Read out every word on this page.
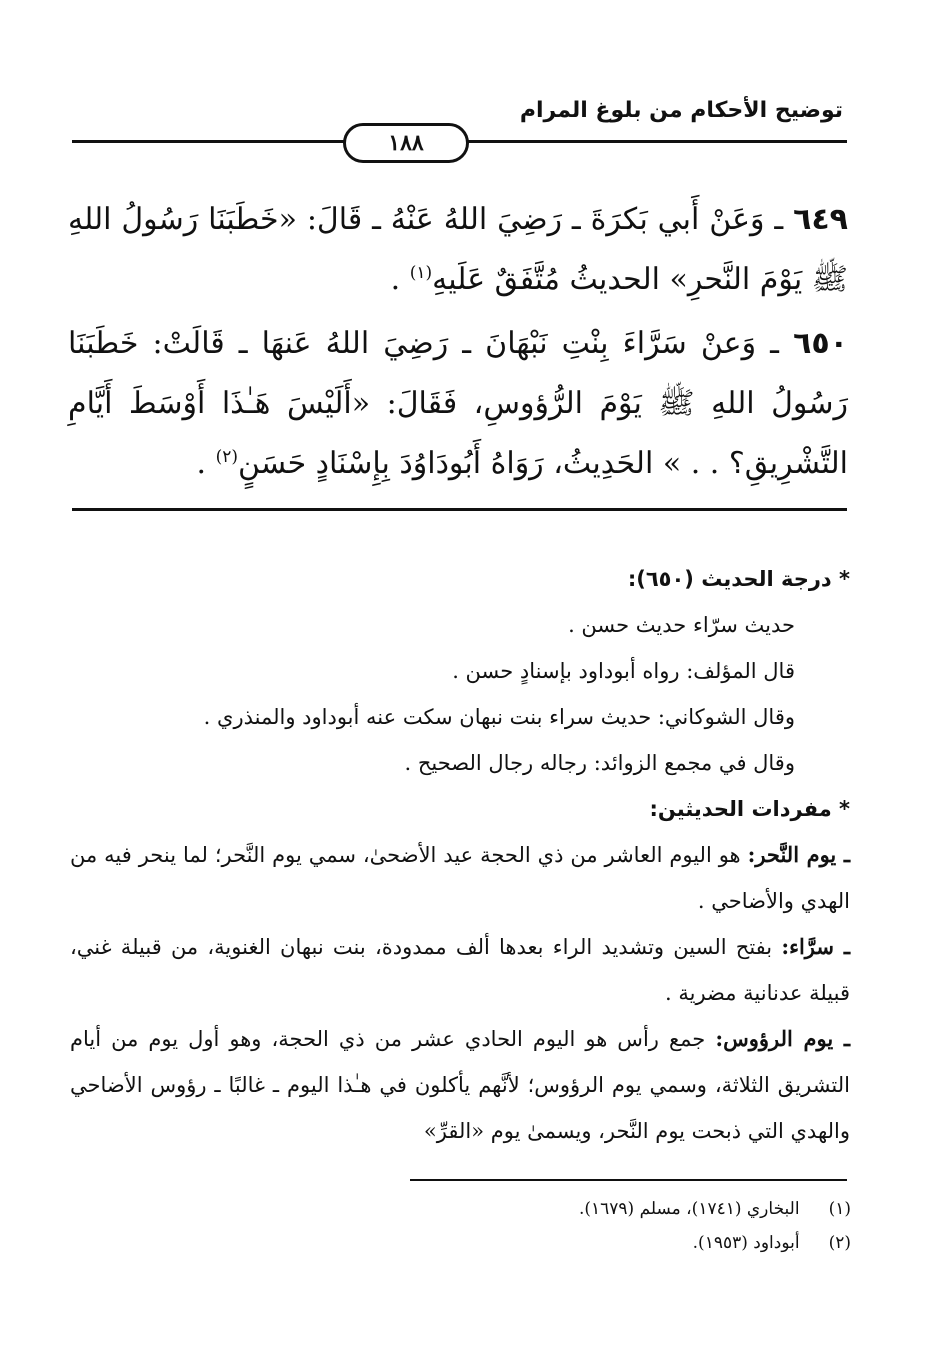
توضيح الأحكام من بلوغ المرام
١٨٨

٦٤٩ ـ وَعَنْ أَبي بَكرَةَ ـ رَضِيَ اللهُ عَنْهُ ـ قَالَ: «خَطَبَنَا رَسُولُ اللهِ ﷺ يَوْمَ النَّحرِ» الحديثُ مُتَّفَقٌ عَلَيهِ$^{(١)}$ .

٦٥٠ ـ وَعنْ سَرَّاءَ بِنْتِ نَبْهَانَ ـ رَضِيَ اللهُ عَنهَا ـ قَالَتْ: خَطَبَنَا رَسُولُ اللهِ ﷺ يَوْمَ الرُّؤوسِ، فَقَالَ: «أَلَيْسَ هَـٰذَا أَوْسَطَ أَيَّامِ التَّشْرِيقِ؟ . . » الحَدِيثُ، رَوَاهُ أَبُودَاوُدَ بِإِسْنَادٍ حَسَنٍ$^{(٢)}$ .

* درجة الحديث (٦٥٠):

حديث سرّاء حديث حسن .

قال المؤلف: رواه أبوداود بإسنادٍ حسن .

وقال الشوكاني: حديث سراء بنت نبهان سكت عنه أبوداود والمنذري .

وقال في مجمع الزوائد: رجاله رجال الصحيح .

* مفردات الحديثين:

ـ يوم النَّحر: هو اليوم العاشر من ذي الحجة عيد الأضحىٰ، سمي يوم النَّحر؛ لما ينحر فيه من الهدي والأضاحي .

ـ سرَّاء: بفتح السين وتشديد الراء بعدها ألف ممدودة، بنت نبهان الغنوية، من قبيلة غني، قبيلة عدنانية مضرية .

ـ يوم الرؤوس: جمع رأس هو اليوم الحادي عشر من ذي الحجة، وهو أول يوم من أيام التشريق الثلاثة، وسمي يوم الرؤوس؛ لأنَّهم يأكلون في هـٰذا اليوم ـ غالبًا ـ رؤوس الأضاحي والهدي التي ذبحت يوم النَّحر، ويسمىٰ يوم «القرِّ»

(١) البخاري (١٧٤١)، مسلم (١٦٧٩).

(٢) أبوداود (١٩٥٣).
